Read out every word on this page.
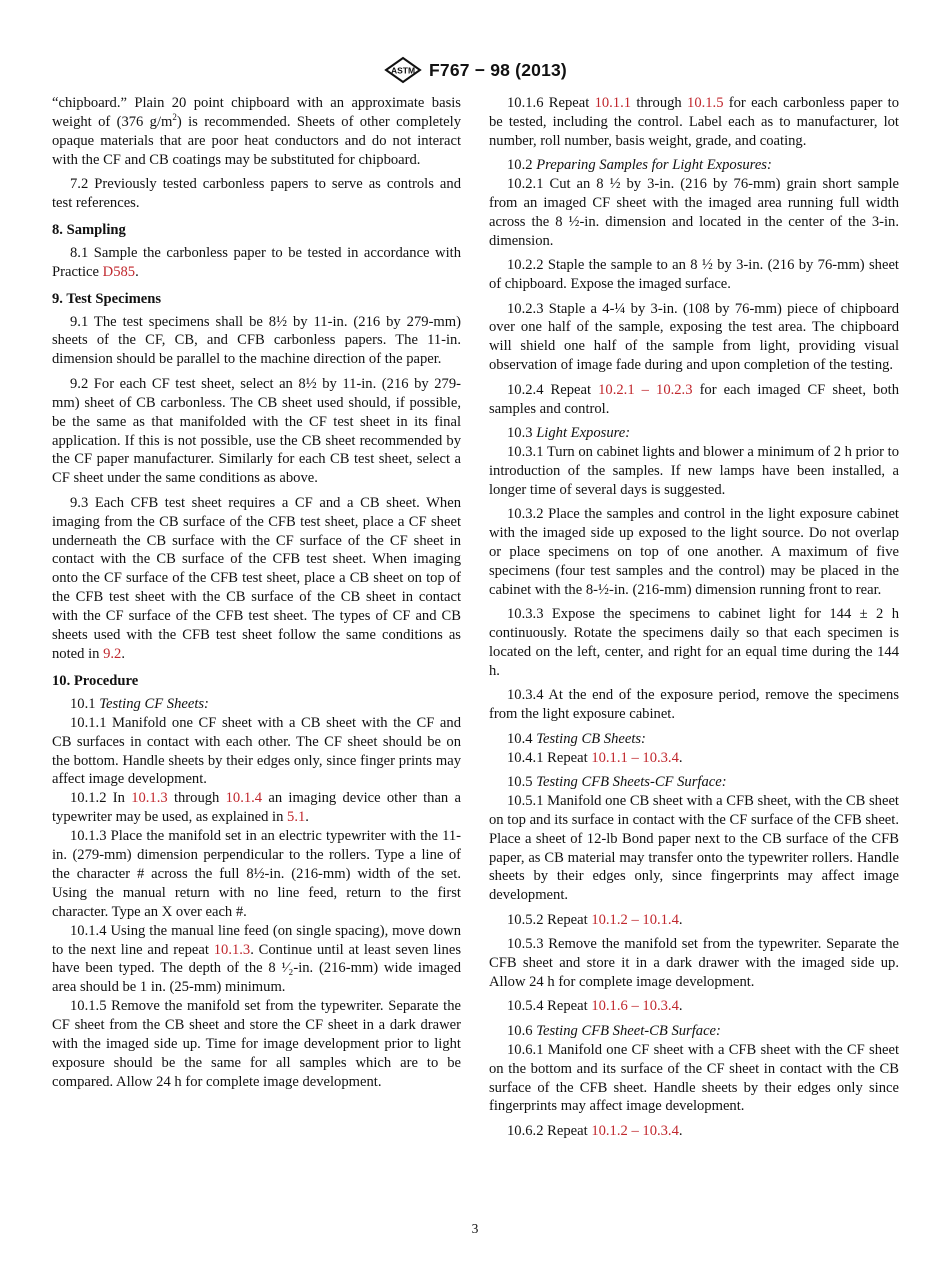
ASTM F767 − 98 (2013)

“chipboard.” Plain 20 point chipboard with an approximate basis weight of (376 $g/m^2$) is recommended. Sheets of other completely opaque materials that are poor heat conductors and do not interact with the CF and CB coatings may be substituted for chipboard.

7.2 Previously tested carbonless papers to serve as controls and test references.

8. Sampling

8.1 Sample the carbonless paper to be tested in accordance with Practice D585.

9. Test Specimens

9.1 The test specimens shall be 8½ by 11-in. (216 by 279-mm) sheets of the CF, CB, and CFB carbonless papers. The 11-in. dimension should be parallel to the machine direction of the paper.

9.2 For each CF test sheet, select an 8½ by 11-in. (216 by 279-mm) sheet of CB carbonless. The CB sheet used should, if possible, be the same as that manifolded with the CF test sheet in its final application. If this is not possible, use the CB sheet recommended by the CF paper manufacturer. Similarly for each CB test sheet, select a CF sheet under the same conditions as above.

9.3 Each CFB test sheet requires a CF and a CB sheet. When imaging from the CB surface of the CFB test sheet, place a CF sheet underneath the CB surface with the CF surface of the CF sheet in contact with the CB surface of the CFB test sheet. When imaging onto the CF surface of the CFB test sheet, place a CB sheet on top of the CFB test sheet with the CB surface of the CB sheet in contact with the CF surface of the CFB test sheet. The types of CF and CB sheets used with the CFB test sheet follow the same conditions as noted in 9.2.

10. Procedure

10.1 Testing CF Sheets:

10.1.1 Manifold one CF sheet with a CB sheet with the CF and CB surfaces in contact with each other. The CF sheet should be on the bottom. Handle sheets by their edges only, since finger prints may affect image development.

10.1.2 In 10.1.3 through 10.1.4 an imaging device other than a typewriter may be used, as explained in 5.1.

10.1.3 Place the manifold set in an electric typewriter with the 11-in. (279-mm) dimension perpendicular to the rollers. Type a line of the character # across the full 8½-in. (216-mm) width of the set. Using the manual return with no line feed, return to the first character. Type an X over each #.

10.1.4 Using the manual line feed (on single spacing), move down to the next line and repeat 10.1.3. Continue until at least seven lines have been typed. The depth of the 8 ¹⁄₂-in. (216-mm) wide imaged area should be 1 in. (25-mm) minimum.

10.1.5 Remove the manifold set from the typewriter. Separate the CF sheet from the CB sheet and store the CF sheet in a dark drawer with the imaged side up. Time for image development prior to light exposure should be the same for all samples which are to be compared. Allow 24 h for complete image development.

10.1.6 Repeat 10.1.1 through 10.1.5 for each carbonless paper to be tested, including the control. Label each as to manufacturer, lot number, roll number, basis weight, grade, and coating.

10.2 Preparing Samples for Light Exposures:

10.2.1 Cut an 8 ½ by 3-in. (216 by 76-mm) grain short sample from an imaged CF sheet with the imaged area running full width across the 8 ½-in. dimension and located in the center of the 3-in. dimension.

10.2.2 Staple the sample to an 8 ½ by 3-in. (216 by 76-mm) sheet of chipboard. Expose the imaged surface.

10.2.3 Staple a 4-¼ by 3-in. (108 by 76-mm) piece of chipboard over one half of the sample, exposing the test area. The chipboard will shield one half of the sample from light, providing visual observation of image fade during and upon completion of the testing.

10.2.4 Repeat 10.2.1 – 10.2.3 for each imaged CF sheet, both samples and control.

10.3 Light Exposure:

10.3.1 Turn on cabinet lights and blower a minimum of 2 h prior to introduction of the samples. If new lamps have been installed, a longer time of several days is suggested.

10.3.2 Place the samples and control in the light exposure cabinet with the imaged side up exposed to the light source. Do not overlap or place specimens on top of one another. A maximum of five specimens (four test samples and the control) may be placed in the cabinet with the 8-½-in. (216-mm) dimension running front to rear.

10.3.3 Expose the specimens to cabinet light for 144 ± 2 h continuously. Rotate the specimens daily so that each specimen is located on the left, center, and right for an equal time during the 144 h.

10.3.4 At the end of the exposure period, remove the specimens from the light exposure cabinet.

10.4 Testing CB Sheets:

10.4.1 Repeat 10.1.1 – 10.3.4.

10.5 Testing CFB Sheets-CF Surface:

10.5.1 Manifold one CB sheet with a CFB sheet, with the CB sheet on top and its surface in contact with the CF surface of the CFB sheet. Place a sheet of 12-lb Bond paper next to the CB surface of the CFB paper, as CB material may transfer onto the typewriter rollers. Handle sheets by their edges only, since fingerprints may affect image development.

10.5.2 Repeat 10.1.2 – 10.1.4.

10.5.3 Remove the manifold set from the typewriter. Separate the CFB sheet and store it in a dark drawer with the imaged side up. Allow 24 h for complete image development.

10.5.4 Repeat 10.1.6 – 10.3.4.

10.6 Testing CFB Sheet-CB Surface:

10.6.1 Manifold one CF sheet with a CFB sheet with the CF sheet on the bottom and its surface of the CF sheet in contact with the CB surface of the CFB sheet. Handle sheets by their edges only since fingerprints may affect image development.

10.6.2 Repeat 10.1.2 – 10.3.4.

3
